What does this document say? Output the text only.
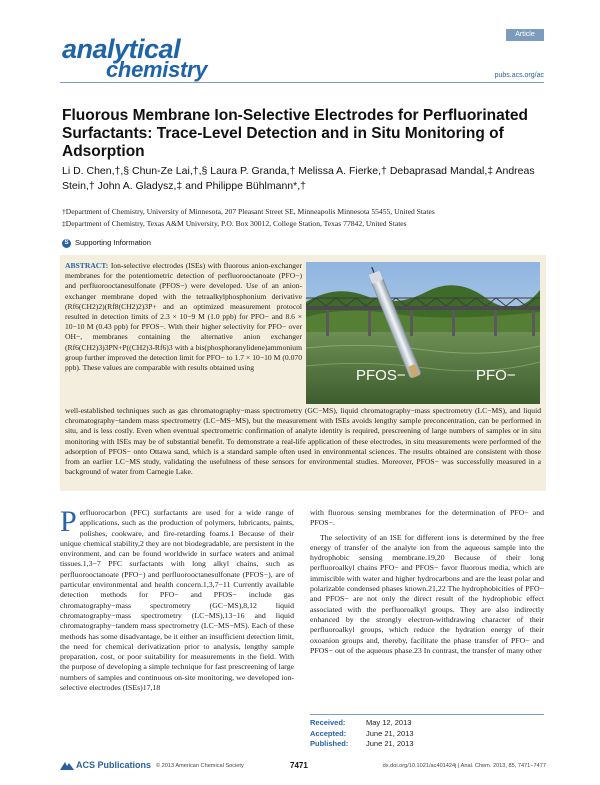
analytical
chemistry
Article
pubs.acs.org/ac
Fluorous Membrane Ion-Selective Electrodes for Perfluorinated Surfactants: Trace-Level Detection and in Situ Monitoring of Adsorption
Li D. Chen,†,§ Chun-Ze Lai,†,§ Laura P. Granda,† Melissa A. Fierke,† Debaprasad Mandal,‡ Andreas Stein,† John A. Gladysz,‡ and Philippe Bühlmann*,†
†Department of Chemistry, University of Minnesota, 207 Pleasant Street SE, Minneapolis Minnesota 55455, United States
‡Department of Chemistry, Texas A&M University, P.O. Box 30012, College Station, Texas 77842, United States
S Supporting Information
ABSTRACT: Ion-selective electrodes (ISEs) with fluorous anion-exchanger membranes for the potentiometric detection of perfluorooctanoate (PFO−) and perfluorooctanesulfonate (PFOS−) were developed. Use of an anion-exchanger membrane doped with the tetraalkylphosphonium derivative (Rf6(CH2)2)(Rf8(CH2)2)3P+ and an optimized measurement protocol resulted in detection limits of 2.3 × 10−9 M (1.0 ppb) for PFO− and 8.6 × 10−10 M (0.43 ppb) for PFOS−. With their higher selectivity for PFO− over OH−, membranes containing the alternative anion exchanger (Rf6(CH2)3)3PN+P((CH2)3-Rf6)3 with a bis(phosphoranylidene)ammonium group further improved the detection limit for PFO− to 1.7 × 10−10 M (0.070 ppb). These values are comparable with results obtained using	PFOS−	PFO−
well-established techniques such as gas chromatography−mass spectrometry (GC−MS), liquid chromatography−mass spectrometry (LC−MS), and liquid chromatography−tandem mass spectrometry (LC−MS−MS), but the measurement with ISEs avoids lengthy sample preconcentration, can be performed in situ, and is less costly. Even when eventual spectrometric confirmation of analyte identity is required, prescreening of large numbers of samples or in situ monitoring with ISEs may be of substantial benefit. To demonstrate a real-life application of these electrodes, in situ measurements were performed of the adsorption of PFOS− onto Ottawa sand, which is a standard sample often used in environmental sciences. The results obtained are consistent with those from an earlier LC−MS study, validating the usefulness of these sensors for environmental studies. Moreover, PFOS− was successfully measured in a background of water from Carnegie Lake.

Perfluorocarbon (PFC) surfactants are used for a wide range of applications, such as the production of polymers, lubricants, paints, polishes, cookware, and fire-retarding foams.1 Because of their unique chemical stability,2 they are not biodegradable, are persistent in the environment, and can be found worldwide in surface waters and animal tissues.1,3−7 PFC surfactants with long alkyl chains, such as perfluorooctanoate (PFO−) and perfluorooctanesulfonate (PFOS−), are of particular environmental and health concern.1,3,7−11 Currently available detection methods for PFO− and PFOS− include gas chromatography−mass spectrometry (GC−MS),8,12 liquid chromatography−mass spectrometry (LC−MS),13−16 and liquid chromatography−tandem mass spectrometry (LC−MS−MS). Each of these methods has some disadvantage, be it either an insufficient detection limit, the need for chemical derivatization prior to analysis, lengthy sample preparation, cost, or poor suitability for measurements in the field. With the purpose of developing a simple technique for fast prescreening of large numbers of samples and continuous on-site monitoring, we developed ion-selective electrodes (ISEs)17,18

with fluorous sensing membranes for the determination of PFO− and PFOS−.

The selectivity of an ISE for different ions is determined by the free energy of transfer of the analyte ion from the aqueous sample into the hydrophobic sensing membrane.19,20 Because of their long perfluoroalkyl chains PFO− and PFOS− favor fluorous media, which are immiscible with water and higher hydrocarbons and are the least polar and polarizable condensed phases known.21,22 The hydrophobicities of PFO− and PFOS− are not only the direct result of the hydrophobic effect associated with the perfluoroalkyl groups. They are also indirectly enhanced by the strongly electron-withdrawing character of their perfluoroalkyl groups, which reduce the hydration energy of their oxoanion groups and, thereby, facilitate the phase transfer of PFO− and PFOS− out of the aqueous phase.23 In contrast, the transfer of many other

Received:	May 12, 2013
Accepted:	June 21, 2013
Published: June 21, 2013
ACS Publications © 2013 American Chemical Society	7471	dx.doi.org/10.1021/ac401424j | Anal. Chem. 2013, 85, 7471−7477
